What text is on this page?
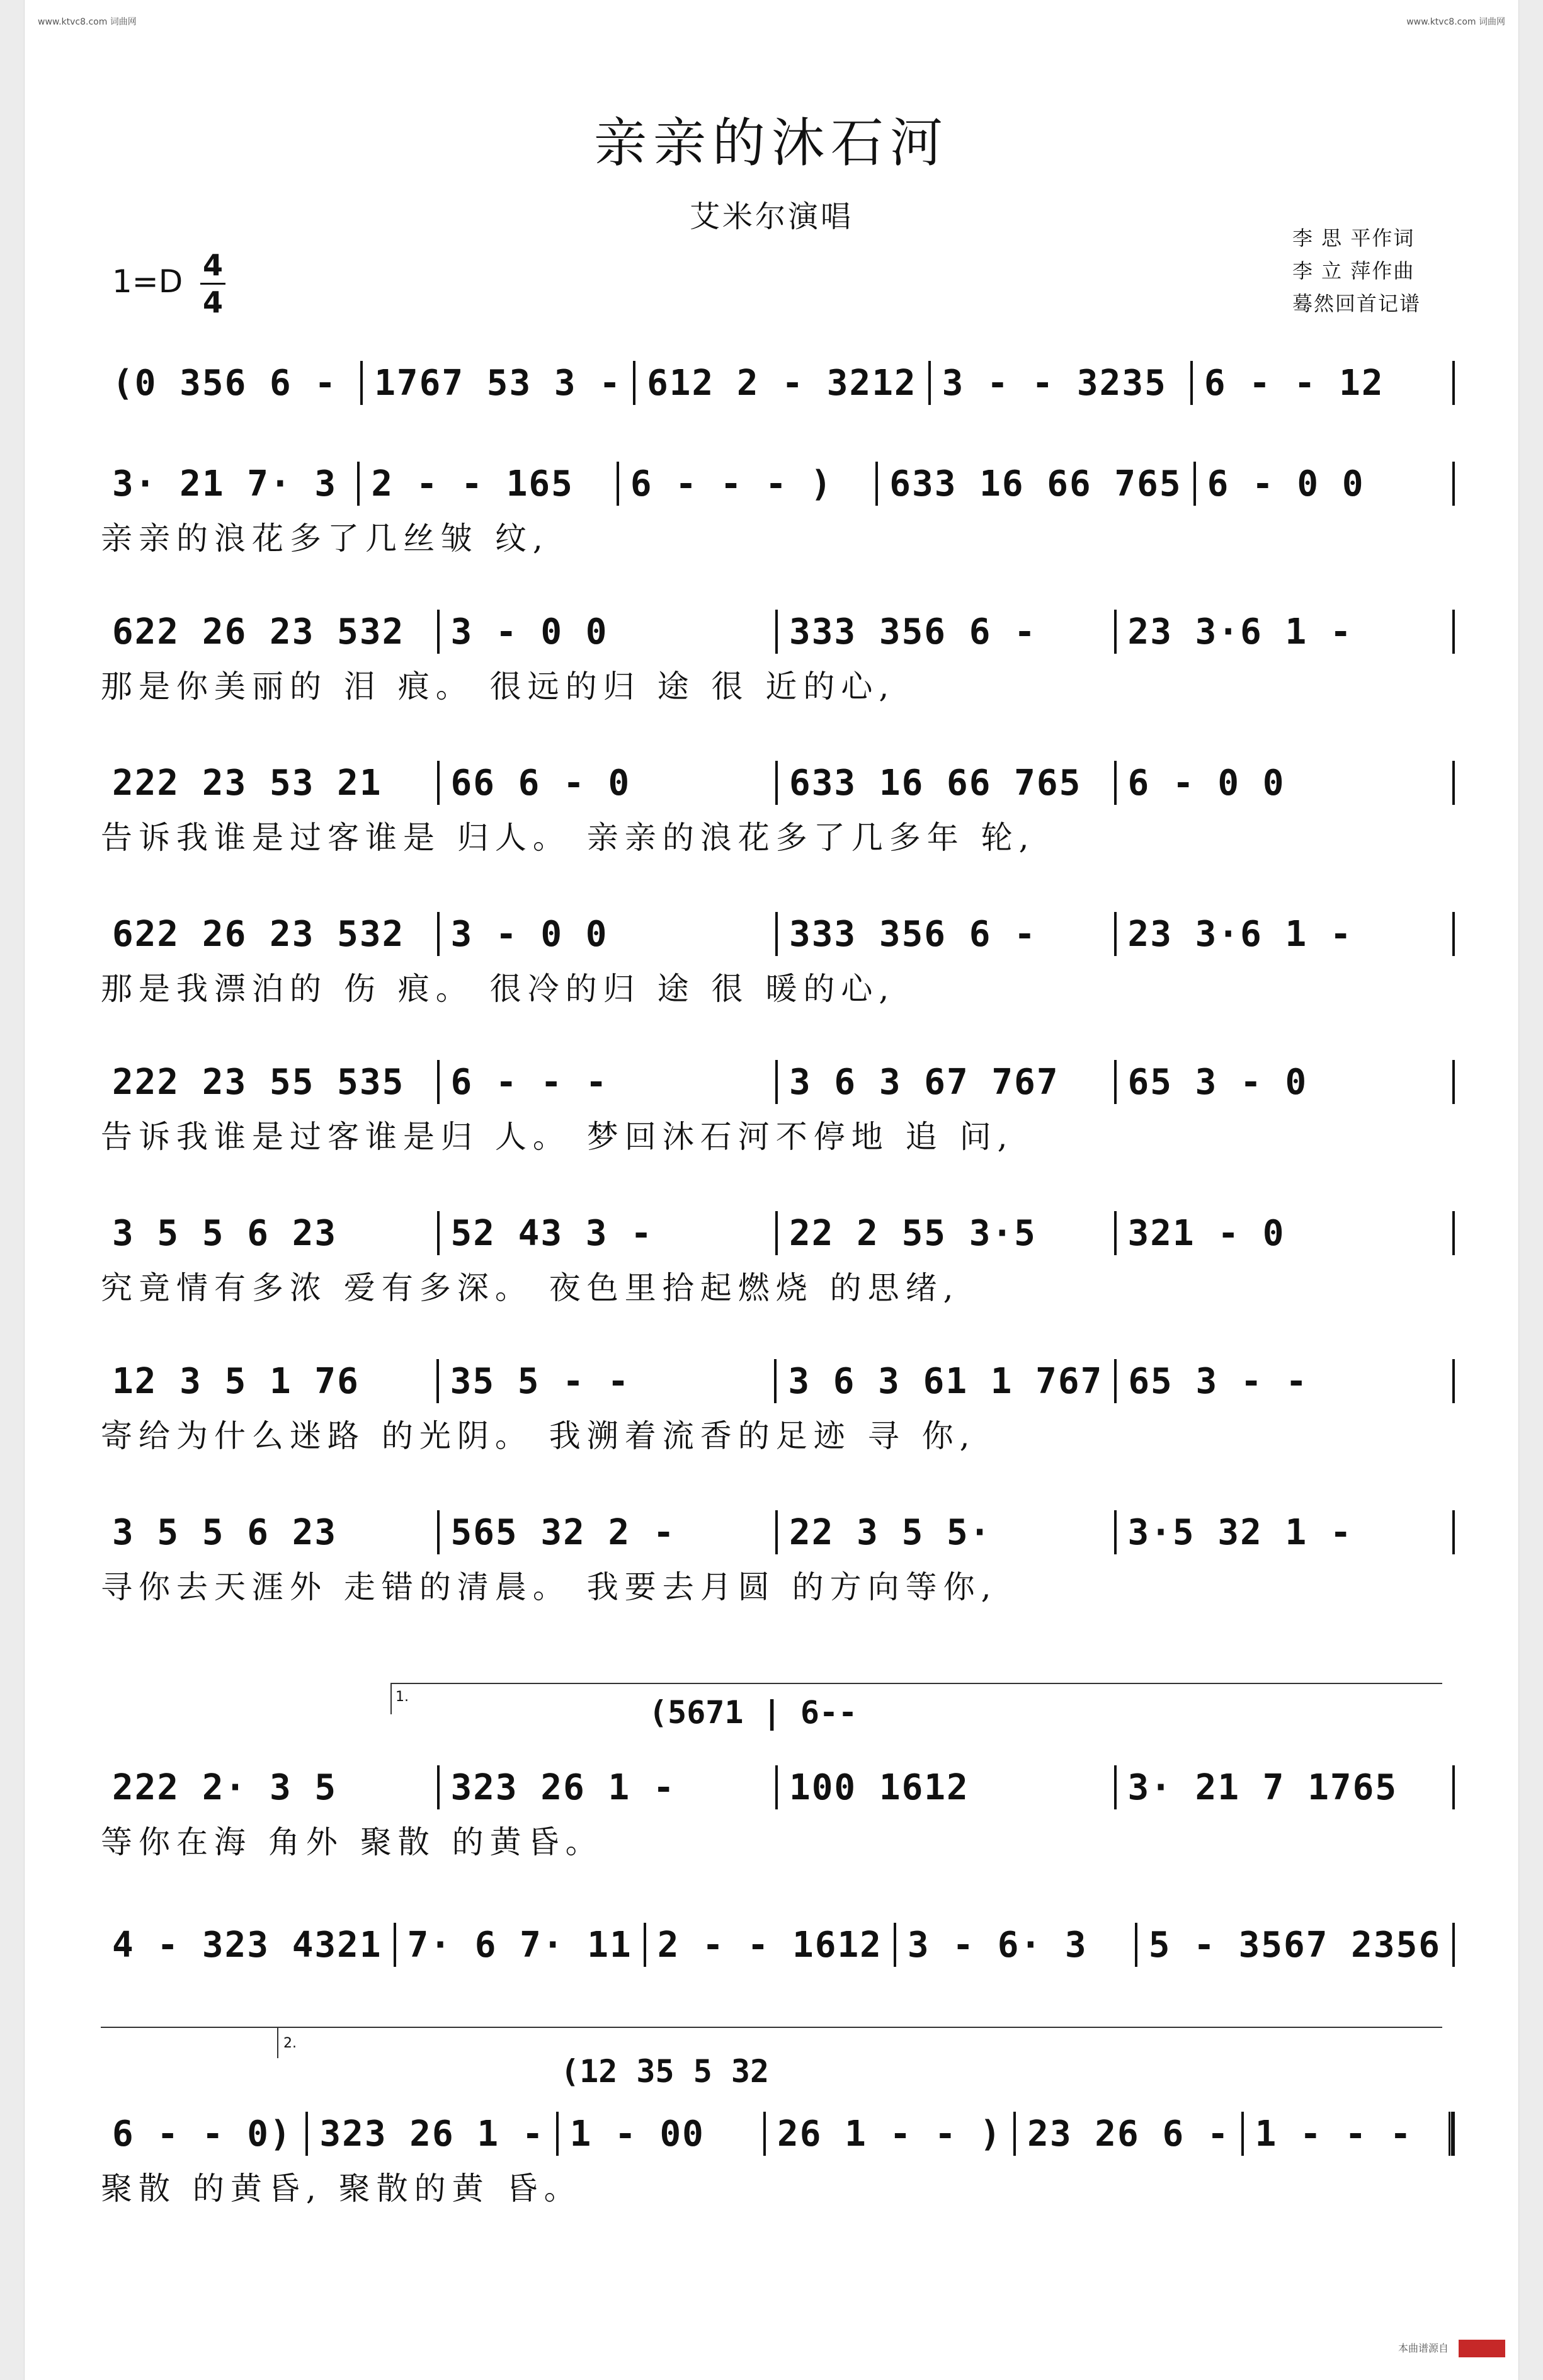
www.ktvc8.com 词曲网	www.ktvc8.com 词曲网
亲亲的沐石河
艾米尔演唱
1=D 4
4
李 思 平作词
李 立 萍作曲
蓦然回首记谱
(0 356 6 -	1767 53 3 - 612 2 - 3212 3 - - 3235	6 - - 12
3· 21 7· 3 2 - - 165	6 - - - )	633 16 66 765 6 - 0 0
亲亲的浪花多了几丝皱 纹,
622 26 23 532	3 - 0 0	333 356 6 -	23 3·6 1 -
那是你美丽的 泪 痕。 很远的归 途 很 近的心,
222 23 53 21	66 6 - 0	633 16 66 765	6 - 0 0
告诉我谁是过客谁是 归人。 亲亲的浪花多了几多年 轮,
622 26 23 532	3 - 0 0	333 356 6 -	23 3·6 1 -
那是我漂泊的 伤 痕。 很冷的归 途 很 暖的心,
222 23 55 535	6 - - -	3 6 3 67 767	65 3 - 0
告诉我谁是过客谁是归 人。 梦回沐石河不停地 追 问,
3 5 5 6 23	52 43 3 -	22 2 55 3·5	321 - 0
究竟情有多浓 爱有多深。 夜色里拾起燃烧 的思绪,
12 3 5 1 76	35 5 - -	3 6 3 61 1 767 65 3 - -
寄给为什么迷路 的光阴。 我溯着流香的足迹 寻 你,
3 5 5 6 23	565 32 2 -	22 3 5 5·	3·5 32 1 -
寻你去天涯外 走错的清晨。 我要去月圆 的方向等你,
222 2· 3 5	323 26 1 -	100 1612	3· 21 7 1765
等你在海 角外 聚散 的黄昏。
4 - 323 4321 7· 6 7· 11 2 - - 1612 3 - 6· 3	5 - 3567 2356
6 - - 0) 323 26 1 - 1 - 00	26 1 - - ) 23 26 6 - 1 - - -
聚散 的黄昏, 聚散的黄 昏。
1.	(5671 | 6--
2.
(12 35 5 32
本曲谱源自
